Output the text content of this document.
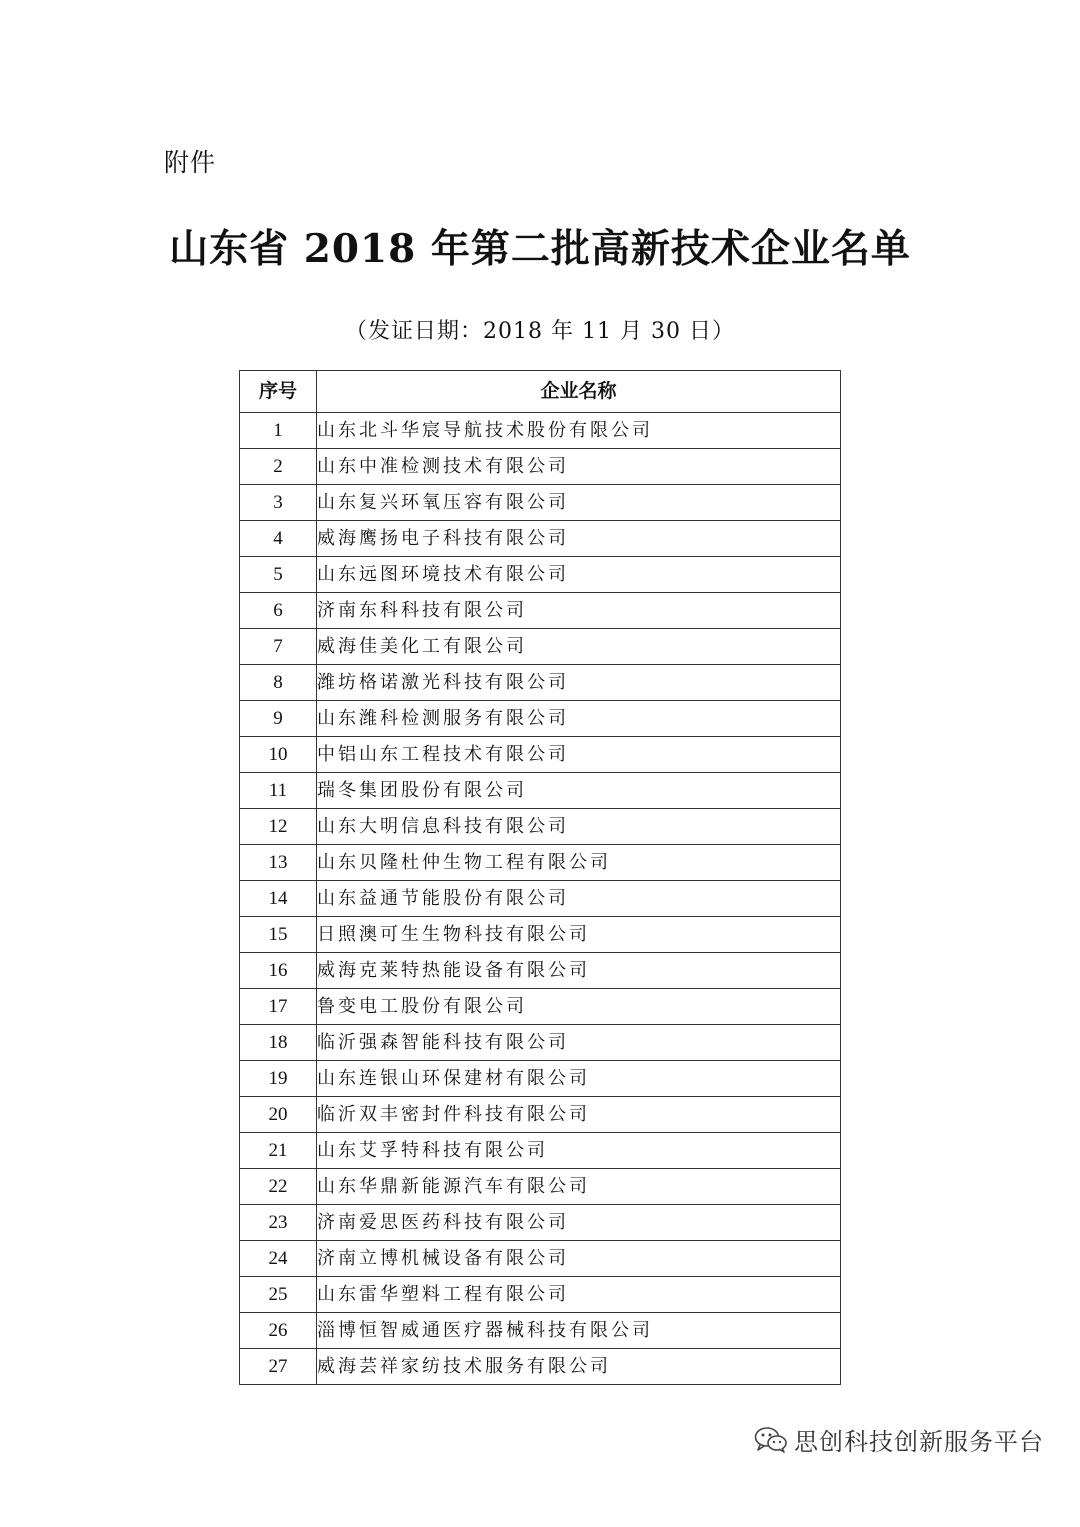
附件
山东省 2018 年第二批高新技术企业名单
（发证日期：2018 年 11 月 30 日）
序号	企业名称
1	山东北斗华宸导航技术股份有限公司
2	山东中准检测技术有限公司
3	山东复兴环氧压容有限公司
4	威海鹰扬电子科技有限公司
5	山东远图环境技术有限公司
6	济南东科科技有限公司
7	威海佳美化工有限公司
8	潍坊格诺激光科技有限公司
9	山东潍科检测服务有限公司
10	中铝山东工程技术有限公司
11	瑞冬集团股份有限公司
12	山东大明信息科技有限公司
13	山东贝隆杜仲生物工程有限公司
14	山东益通节能股份有限公司
15	日照澳可生生物科技有限公司
16	威海克莱特热能设备有限公司
17	鲁变电工股份有限公司
18	临沂强森智能科技有限公司
19	山东连银山环保建材有限公司
20	临沂双丰密封件科技有限公司
21	山东艾孚特科技有限公司
22	山东华鼎新能源汽车有限公司
23	济南爱思医药科技有限公司
24	济南立博机械设备有限公司
25	山东雷华塑料工程有限公司
26	淄博恒智威通医疗器械科技有限公司
27	威海芸祥家纺技术服务有限公司
思创科技创新服务平台
